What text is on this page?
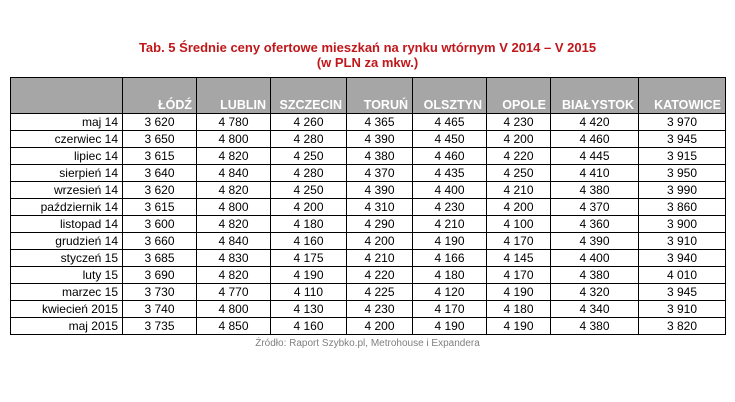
Tab. 5 Średnie ceny ofertowe mieszkań na rynku wtórnym V 2014 – V 2015
(w PLN za mkw.)

	ŁÓDŹ	LUBLIN	SZCZECIN	TORUŃ	OLSZTYN	OPOLE	BIAŁYSTOK	KATOWICE
maj 14	3 620	4 780	4 260	4 365	4 465	4 230	4 420	3 970
czerwiec 14	3 650	4 800	4 280	4 390	4 450	4 200	4 460	3 945
lipiec 14	3 615	4 820	4 250	4 380	4 460	4 220	4 445	3 915
sierpień 14	3 640	4 840	4 280	4 370	4 435	4 250	4 410	3 950
wrzesień 14	3 620	4 820	4 250	4 390	4 400	4 210	4 380	3 990
październik 14	3 615	4 800	4 200	4 310	4 230	4 200	4 370	3 860
listopad 14	3 600	4 820	4 180	4 290	4 210	4 100	4 360	3 900
grudzień 14	3 660	4 840	4 160	4 200	4 190	4 170	4 390	3 910
styczeń 15	3 685	4 830	4 175	4 210	4 166	4 145	4 400	3 940
luty 15	3 690	4 820	4 190	4 220	4 180	4 170	4 380	4 010
marzec 15	3 730	4 770	4 110	4 225	4 120	4 190	4 320	3 945
kwiecień 2015	3 740	4 800	4 130	4 230	4 170	4 180	4 340	3 910
maj 2015	3 735	4 850	4 160	4 200	4 190	4 190	4 380	3 820
Źródło: Raport Szybko.pl, Metrohouse i Expandera
